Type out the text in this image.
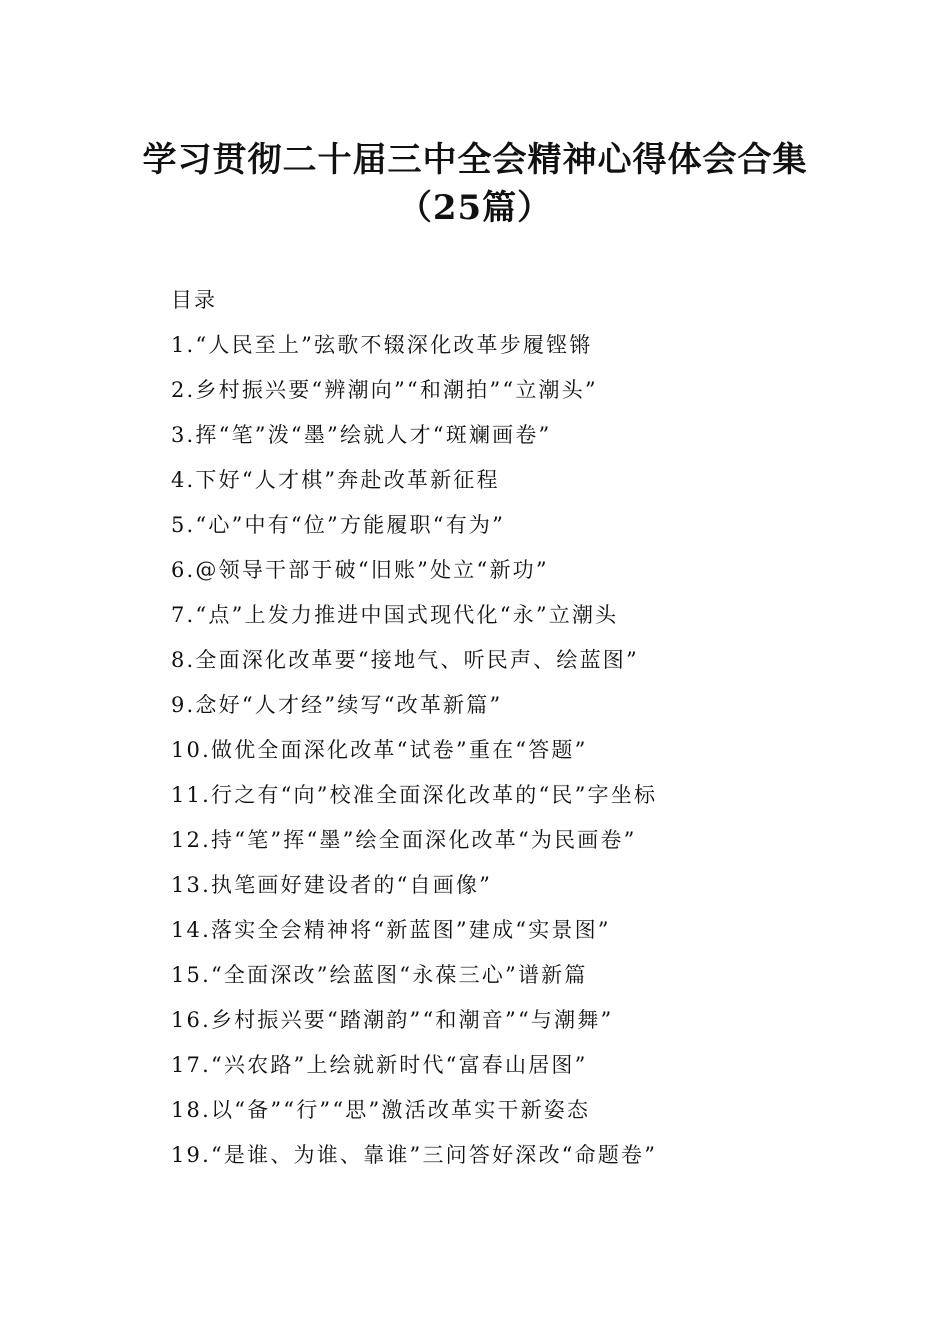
学习贯彻二十届三中全会精神心得体会合集
（25篇）
目录
1.“人民至上”弦歌不辍深化改革步履铿锵
2.乡村振兴要“辨潮向”“和潮拍”“立潮头”
3.挥“笔”泼“墨”绘就人才“斑斓画卷”
4.下好“人才棋”奔赴改革新征程
5.“心”中有“位”方能履职“有为”
6.@领导干部于破“旧账”处立“新功”
7.“点”上发力推进中国式现代化“永”立潮头
8.全面深化改革要“接地气、听民声、绘蓝图”
9.念好“人才经”续写“改革新篇”
10.做优全面深化改革“试卷”重在“答题”
11.行之有“向”校准全面深化改革的“民”字坐标
12.持“笔”挥“墨”绘全面深化改革“为民画卷”
13.执笔画好建设者的“自画像”
14.落实全会精神将“新蓝图”建成“实景图”
15.“全面深改”绘蓝图“永葆三心”谱新篇
16.乡村振兴要“踏潮韵”“和潮音”“与潮舞”
17.“兴农路”上绘就新时代“富春山居图”
18.以“备”“行”“思”激活改革实干新姿态
19.“是谁、为谁、靠谁”三问答好深改“命题卷”
